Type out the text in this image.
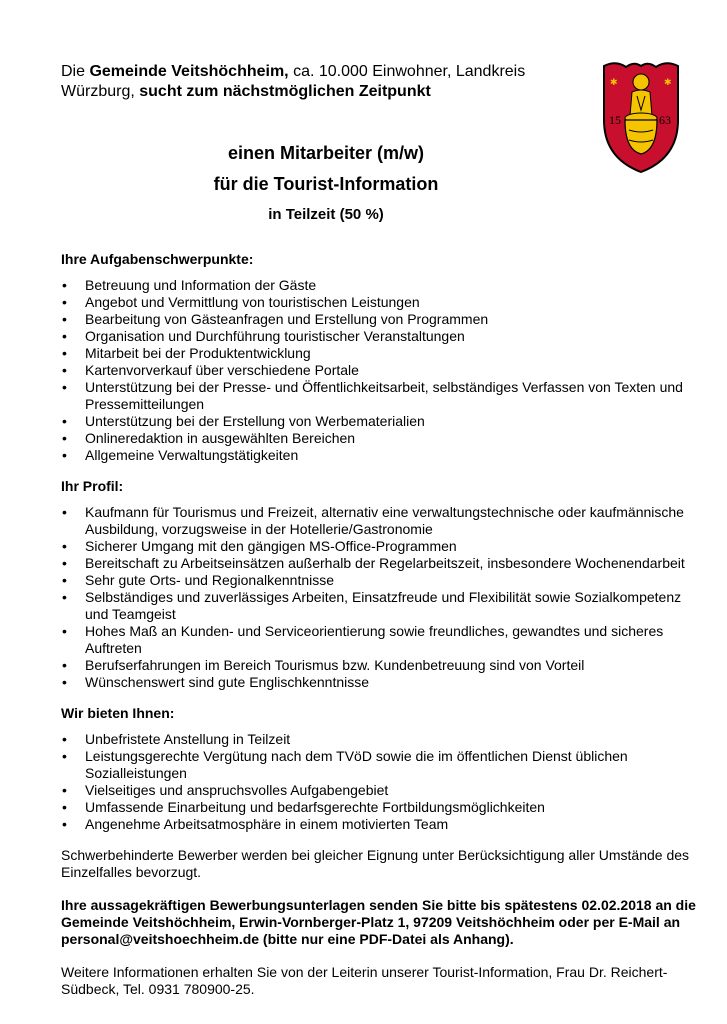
Die Gemeinde Veitshöchheim, ca. 10.000 Einwohner, Landkreis Würzburg, sucht zum nächstmöglichen Zeitpunkt	✱	✱
15	63
einen Mitarbeiter (m/w)
für die Tourist-Information
in Teilzeit (50 %)
Ihre Aufgabenschwerpunkte:
• Betreuung und Information der Gäste
• Angebot und Vermittlung von touristischen Leistungen
• Bearbeitung von Gästeanfragen und Erstellung von Programmen
• Organisation und Durchführung touristischer Veranstaltungen
• Mitarbeit bei der Produktentwicklung
• Kartenvorverkauf über verschiedene Portale
• Unterstützung bei der Presse- und Öffentlichkeitsarbeit, selbständiges Verfassen von Texten und Pressemitteilungen
• Unterstützung bei der Erstellung von Werbematerialien
• Onlineredaktion in ausgewählten Bereichen
• Allgemeine Verwaltungstätigkeiten
Ihr Profil:
• Kaufmann für Tourismus und Freizeit, alternativ eine verwaltungstechnische oder kaufmännische Ausbildung, vorzugsweise in der Hotellerie/Gastronomie
• Sicherer Umgang mit den gängigen MS-Office-Programmen
• Bereitschaft zu Arbeitseinsätzen außerhalb der Regelarbeitszeit, insbesondere Wochenendarbeit
• Sehr gute Orts- und Regionalkenntnisse
• Selbständiges und zuverlässiges Arbeiten, Einsatzfreude und Flexibilität sowie Sozialkompetenz und Teamgeist
• Hohes Maß an Kunden- und Serviceorientierung sowie freundliches, gewandtes und sicheres Auftreten
• Berufserfahrungen im Bereich Tourismus bzw. Kundenbetreuung sind von Vorteil
• Wünschenswert sind gute Englischkenntnisse
Wir bieten Ihnen:
• Unbefristete Anstellung in Teilzeit
• Leistungsgerechte Vergütung nach dem TVöD sowie die im öffentlichen Dienst üblichen Sozialleistungen
• Vielseitiges und anspruchsvolles Aufgabengebiet
• Umfassende Einarbeitung und bedarfsgerechte Fortbildungsmöglichkeiten
• Angenehme Arbeitsatmosphäre in einem motivierten Team

Schwerbehinderte Bewerber werden bei gleicher Eignung unter Berücksichtigung aller Umstände des Einzelfalles bevorzugt.

Ihre aussagekräftigen Bewerbungsunterlagen senden Sie bitte bis spätestens 02.02.2018 an die Gemeinde Veitshöchheim, Erwin-Vornberger-Platz 1, 97209 Veitshöchheim oder per E-Mail an personal@veitshoechheim.de (bitte nur eine PDF-Datei als Anhang).

Weitere Informationen erhalten Sie von der Leiterin unserer Tourist-Information, Frau Dr. Reichert-Südbeck, Tel. 0931 780900-25.
